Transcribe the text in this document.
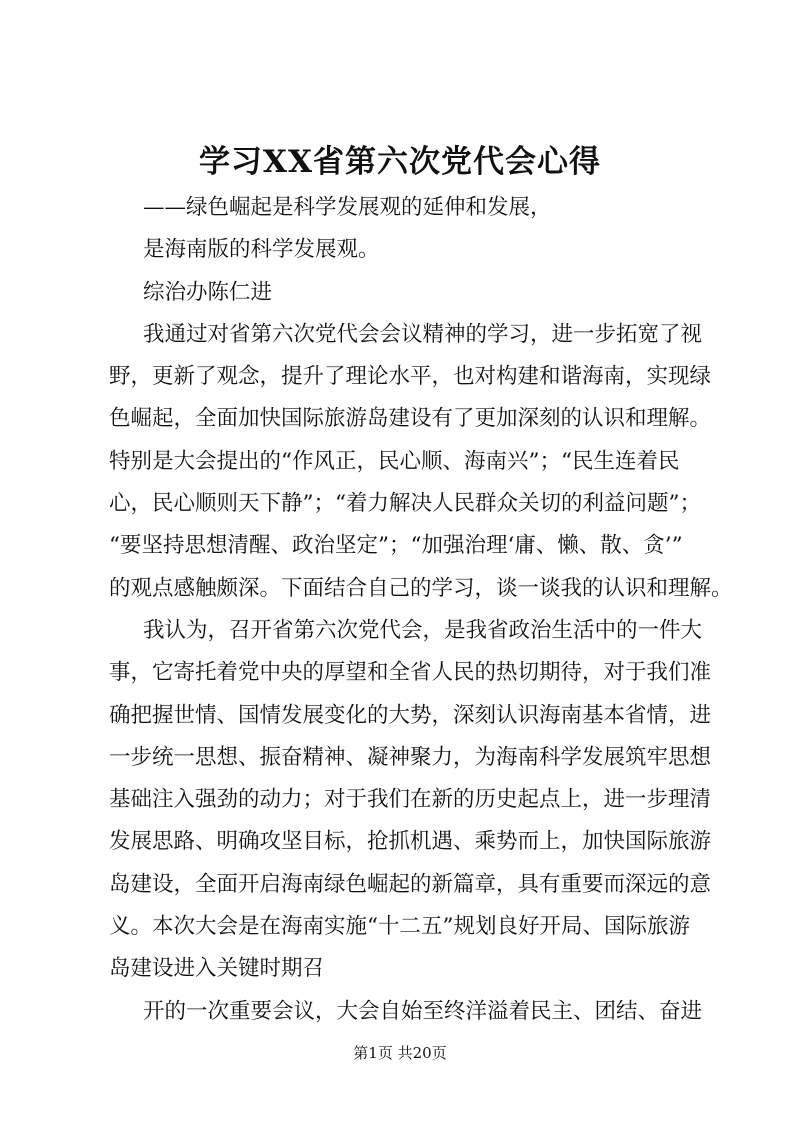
学习XX省第六次党代会心得
——绿色崛起是科学发展观的延伸和发展，
是海南版的科学发展观。
综治办陈仁进
我通过对省第六次党代会会议精神的学习，进一步拓宽了视
野，更新了观念，提升了理论水平，也对构建和谐海南，实现绿
色崛起，全面加快国际旅游岛建设有了更加深刻的认识和理解。
特别是大会提出的“作风正，民心顺、海南兴”；“民生连着民
心，民心顺则天下静”；“着力解决人民群众关切的利益问题”；
“要坚持思想清醒、政治坚定”；“加强治理‘庸、懒、散、贪’”
的观点感触颇深。下面结合自己的学习，谈一谈我的认识和理解。
我认为，召开省第六次党代会，是我省政治生活中的一件大
事，它寄托着党中央的厚望和全省人民的热切期待，对于我们准
确把握世情、国情发展变化的大势，深刻认识海南基本省情，进
一步统一思想、振奋精神、凝神聚力，为海南科学发展筑牢思想
基础注入强劲的动力；对于我们在新的历史起点上，进一步理清
发展思路、明确攻坚目标，抢抓机遇、乘势而上，加快国际旅游
岛建设，全面开启海南绿色崛起的新篇章，具有重要而深远的意
义。本次大会是在海南实施“十二五”规划良好开局、国际旅游
岛建设进入关键时期召
开的一次重要会议，大会自始至终洋溢着民主、团结、奋进
第1页 共20页
